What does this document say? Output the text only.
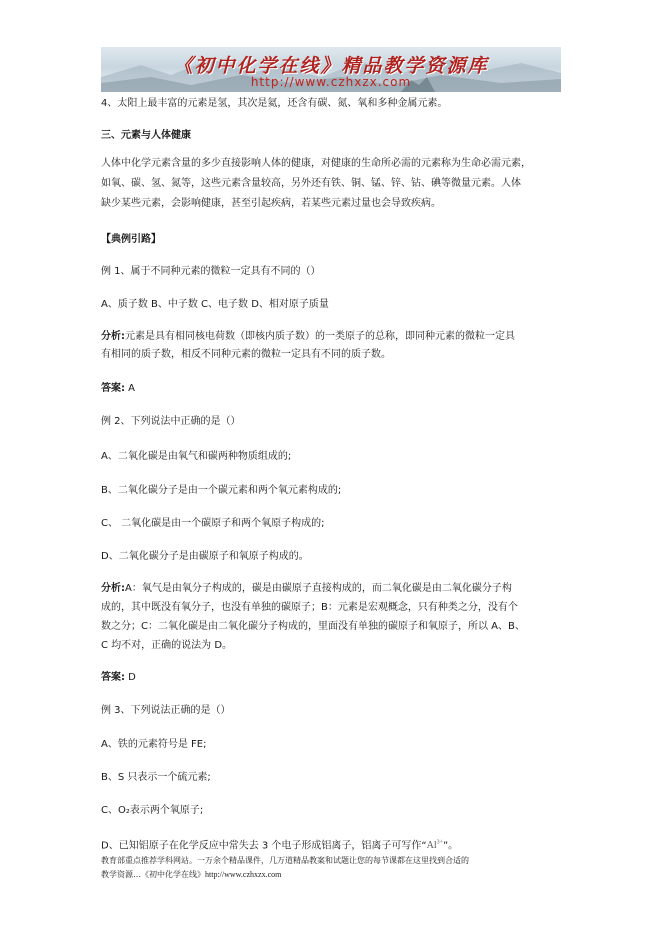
《初中化学在线》精品教学资源库
http://www.czhxzx.com

4、太阳上最丰富的元素是氢，其次是氦，还含有碳、氮、氧和多种金属元素。

三、元素与人体健康

人体中化学元素含量的多少直接影响人体的健康，对健康的生命所必需的元素称为生命必需元素，

如氧、碳、氢、氮等，这些元素含量较高，另外还有铁、铜、锰、锌、钴、碘等微量元素。人体

缺少某些元素，会影响健康，甚至引起疾病，若某些元素过量也会导致疾病。

【典例引路】

例 1、属于不同种元素的微粒一定具有不同的（）

A、质子数 B、中子数 C、电子数 D、相对原子质量

分析:元素是具有相同核电荷数（即核内质子数）的一类原子的总称，即同种元素的微粒一定具

有相同的质子数，相反不同种元素的微粒一定具有不同的质子数。

答案: A

例 2、下列说法中正确的是（）

A、二氧化碳是由氧气和碳两种物质组成的;

B、二氧化碳分子是由一个碳元素和两个氧元素构成的;

C、 二氧化碳是由一个碳原子和两个氧原子构成的;

D、二氧化碳分子是由碳原子和氧原子构成的。

分析:A：氧气是由氧分子构成的，碳是由碳原子直接构成的，而二氧化碳是由二氧化碳分子构

成的，其中既没有氧分子，也没有单独的碳原子；B：元素是宏观概念，只有种类之分，没有个

数之分；C：二氧化碳是由二氧化碳分子构成的，里面没有单独的碳原子和氧原子，所以 A、B、

C 均不对，正确的说法为 D。

答案: D

例 3、下列说法正确的是（）

A、铁的元素符号是 FE;

B、S 只表示一个硫元素;

C、O₂表示两个氧原子;

D、已知铝原子在化学反应中常失去 3 个电子形成铝离子，铝离子可写作“$Al^{3+}$”。

教育部重点推荐学科网站。一万余个精品课件，几万道精品教案和试题让您的每节课都在这里找到合适的
教学资源…《初中化学在线》http://www.czhxzx.com
